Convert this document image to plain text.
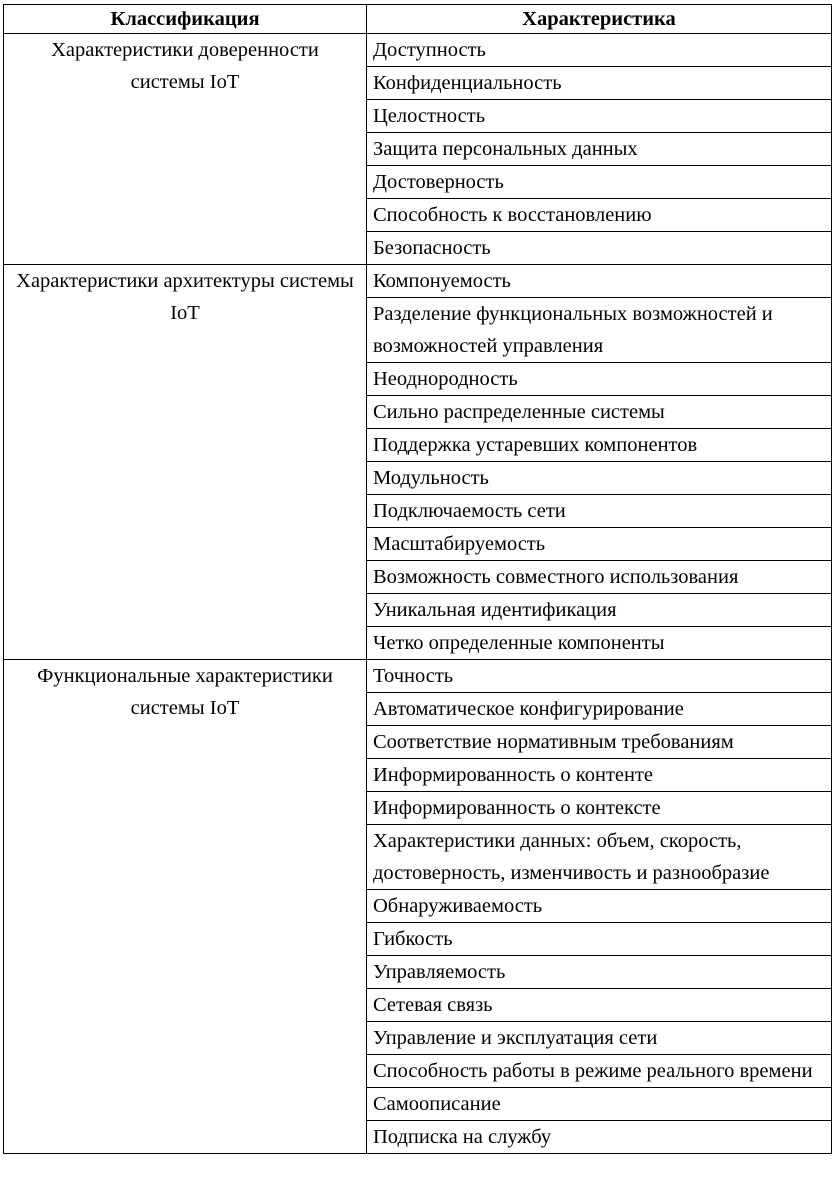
Классификация	Характеристика
Характеристики доверенности системы IoT	Доступность
	Конфиденциальность
	Целостность
	Защита персональных данных
	Достоверность
	Способность к восстановлению
	Безопасность
Характеристики архитектуры системы IoT	Компонуемость
	Разделение функциональных возможностей и возможностей управления
	Неоднородность
	Сильно распределенные системы
	Поддержка устаревших компонентов
	Модульность
	Подключаемость сети
	Масштабируемость
	Возможность совместного использования
	Уникальная идентификация
	Четко определенные компоненты
Функциональные характеристики системы IoT	Точность
	Автоматическое конфигурирование
	Соответствие нормативным требованиям
	Информированность о контенте
	Информированность о контексте
	Характеристики данных: объем, скорость, достоверность, изменчивость и разнообразие
	Обнаруживаемость
	Гибкость
	Управляемость
	Сетевая связь
	Управление и эксплуатация сети
	Способность работы в режиме реального времени
	Самоописание
	Подписка на службу
